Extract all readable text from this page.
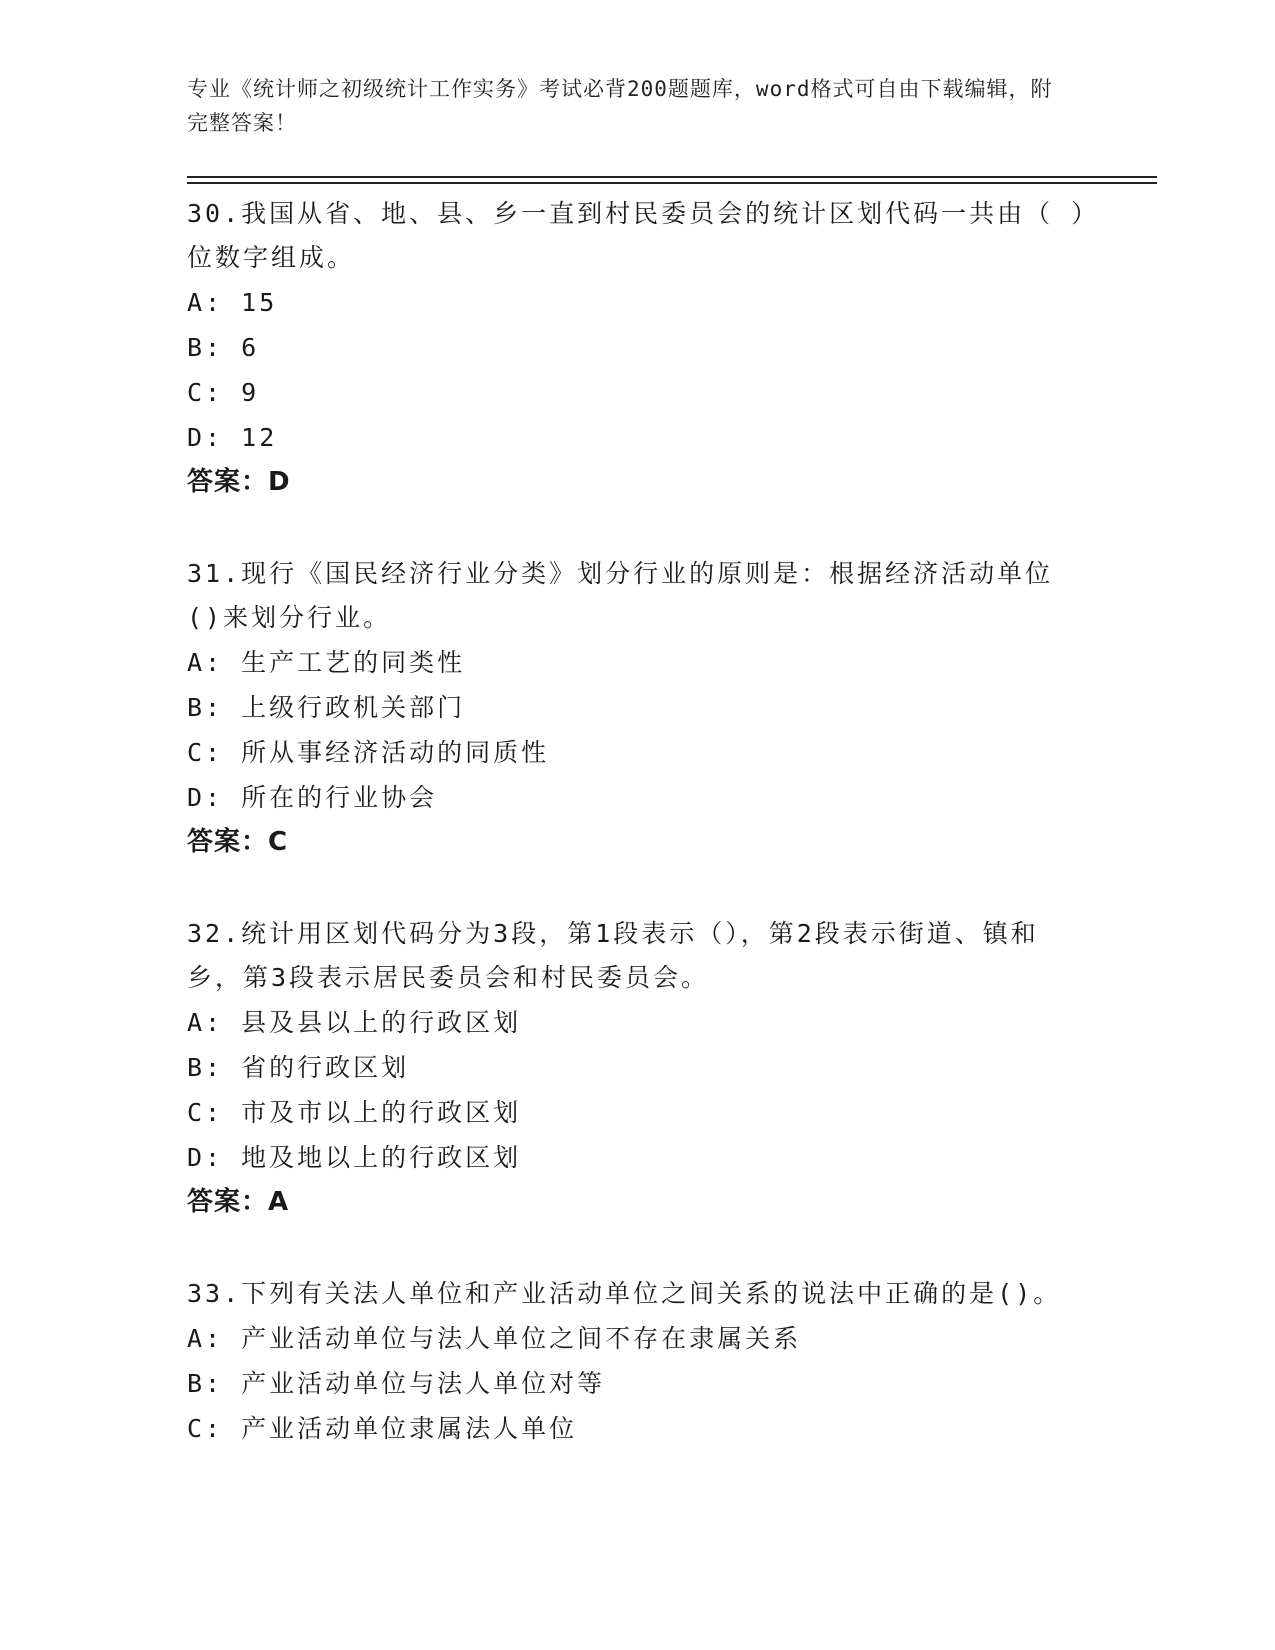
专业《统计师之初级统计工作实务》考试必背200题题库，word格式可自由下载编辑，附完整答案！

30.我国从省、地、县、乡一直到村民委员会的统计区划代码一共由（ ）位数字组成。

A: 15

B: 6

C: 9

D: 12

答案：D

31.现行《国民经济行业分类》划分行业的原则是：根据经济活动单位()来划分行业。

A: 生产工艺的同类性

B: 上级行政机关部门

C: 所从事经济活动的同质性

D: 所在的行业协会

答案：C

32.统计用区划代码分为3段，第1段表示（），第2段表示街道、镇和乡，第3段表示居民委员会和村民委员会。

A: 县及县以上的行政区划

B: 省的行政区划

C: 市及市以上的行政区划

D: 地及地以上的行政区划

答案：A

33.下列有关法人单位和产业活动单位之间关系的说法中正确的是()。

A: 产业活动单位与法人单位之间不存在隶属关系

B: 产业活动单位与法人单位对等

C: 产业活动单位隶属法人单位
